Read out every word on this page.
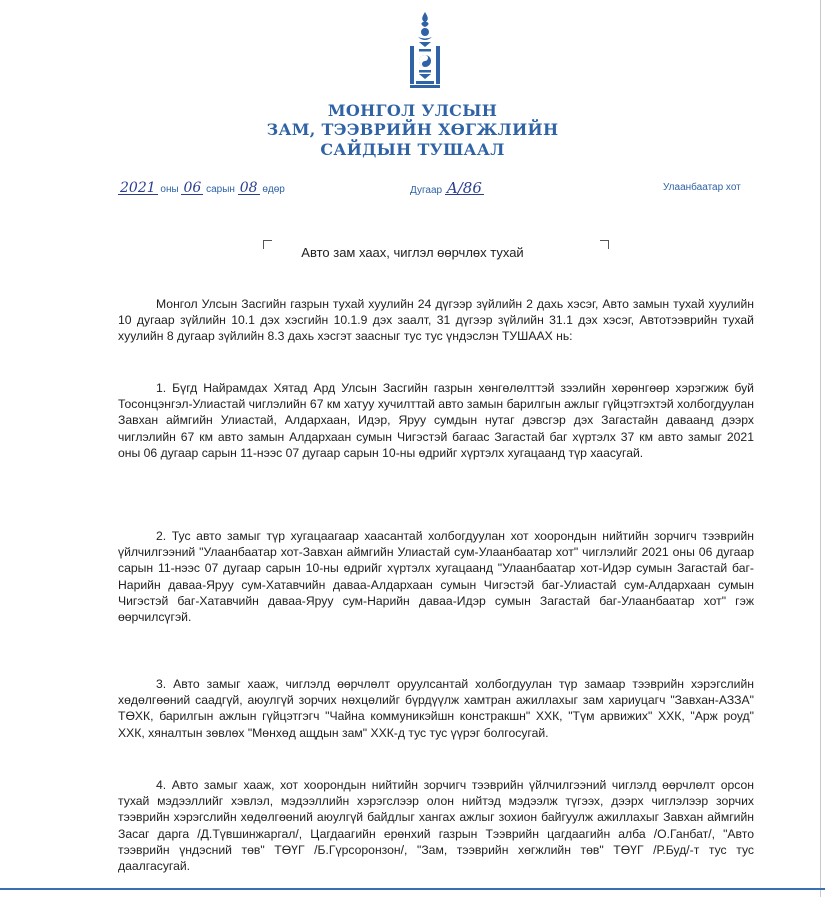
МОНГОЛ УЛСЫН
ЗАМ, ТЭЭВРИЙН ХӨГЖЛИЙН
САЙДЫН ТУШААЛ
2021 оны 06 сарын 08 өдөр	Дугаар A/86	Улаанбаатар хот
Авто зам хаах, чиглэл өөрчлөх тухай
Монгол Улсын Засгийн газрын тухай хуулийн 24 дүгээр зүйлийн 2 дахь хэсэг, Авто замын тухай хуулийн 10 дугаар зүйлийн 10.1 дэх хэсгийн 10.1.9 дэх заалт, 31 дүгээр зүйлийн 31.1 дэх хэсэг, Автотээврийн тухай хуулийн 8 дугаар зүйлийн 8.3 дахь хэсгэт заасныг тус тус үндэслэн ТУШААХ нь:
1. Бүгд Найрамдах Хятад Ард Улсын Засгийн газрын хөнгөлөлттэй зээлийн хөрөнгөөр хэрэгжиж буй Тосонцэнгэл-Улиастай чиглэлийн 67 км хатуу хучилттай авто замын барилгын ажлыг гүйцэтгэхтэй холбогдуулан Завхан аймгийн Улиастай, Алдархаан, Идэр, Яруу сумдын нутаг дэвсгэр дэх Загастайн даваанд дээрх чиглэлийн 67 км авто замын Алдархаан сумын Чигэстэй багаас Загастай баг хүртэлх 37 км авто замыг 2021 оны 06 дугаар сарын 11-нээс 07 дугаар сарын 10-ны өдрийг хүртэлх хугацаанд түр хаасугай.
2. Тус авто замыг түр хугацаагаар хаасантай холбогдуулан хот хоорондын нийтийн зорчигч тээврийн үйлчилгээний "Улаанбаатар хот-Завхан аймгийн Улиастай сум-Улаанбаатар хот" чиглэлийг 2021 оны 06 дугаар сарын 11-нээс 07 дугаар сарын 10-ны өдрийг хүртэлх хугацаанд "Улаанбаатар хот-Идэр сумын Загастай баг- Нарийн даваа-Яруу сум-Хатавчийн даваа-Алдархаан сумын Чигэстэй баг-Улиастай сум-Алдархаан сумын Чигэстэй баг-Хатавчийн даваа-Яруу сум-Нарийн даваа-Идэр сумын Загастай баг-Улаанбаатар хот" гэж өөрчилсүгэй.
3. Авто замыг хааж, чиглэлд өөрчлөлт оруулсантай холбогдуулан түр замаар тээврийн хэрэгслийн хөдөлгөөний саадгүй, аюулгүй зорчих нөхцөлийг бүрдүүлж хамтран ажиллахыг зам хариуцагч "Завхан-АЗЗА" ТӨХК, барилгын ажлын гүйцэтгэгч "Чайна коммуникэйшн констракшн" ХХК, "Түм арвижих" ХХК, "Арж роуд" ХХК, хяналтын зөвлөх "Мөнхөд ащдын зам" ХХК-д тус тус үүрэг болгосугай.
4. Авто замыг хааж, хот хоорондын нийтийн зорчигч тээврийн үйлчилгээний чиглэлд өөрчлөлт орсон тухай мэдээллийг хэвлэл, мэдээллийн хэрэгслээр олон нийтэд мэдээлж түгээх, дээрх чиглэлээр зорчих тээврийн хэрэгслийн хөдөлгөөний аюулгүй байдлыг хангах ажлыг зохион байгуулж ажиллахыг Завхан аймгийн Засаг дарга /Д.Түвшинжаргал/, Цагдаагийн ерөнхий газрын Тээврийн цагдаагийн алба /О.Ганбат/, "Авто тээврийн үндэсний төв" ТӨҮГ /Б.Гүрсоронзон/, "Зам, тээврийн хөгжлийн төв" ТӨҮГ /Р.Буд/-т тус тус даалгасугай.
